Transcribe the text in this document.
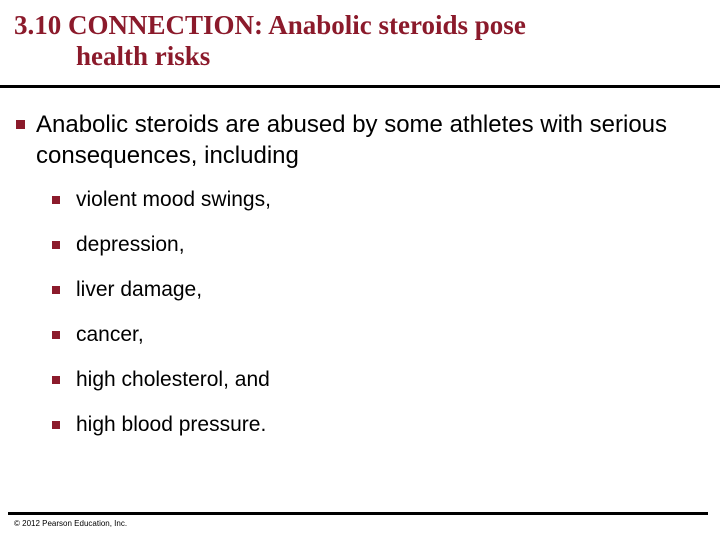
3.10 CONNECTION: Anabolic steroids pose
health risks
Anabolic steroids are abused by some athletes with serious consequences, including
violent mood swings,
depression,
liver damage,
cancer,
high cholesterol, and
high blood pressure.
© 2012 Pearson Education, Inc.
